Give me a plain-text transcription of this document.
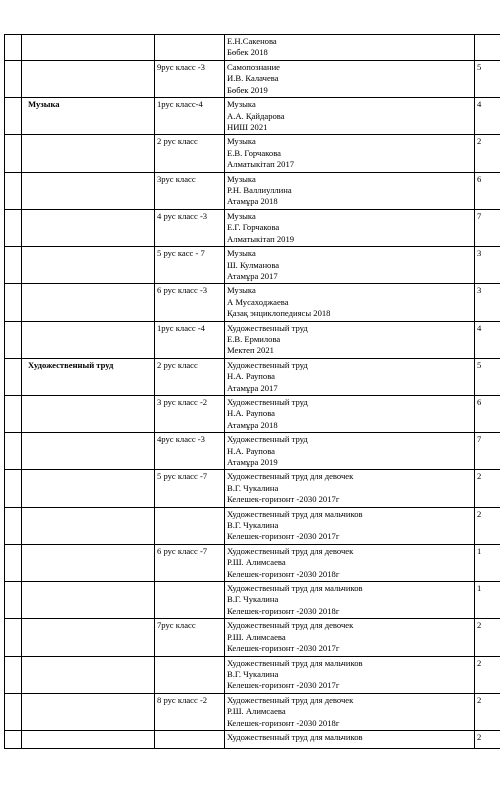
			Е.Н.Сакенова
Бөбек 2018		

		9рус класс -3	Самопознание
И.В. Калачева
Бөбек 2019	5	
	Музыка	1рус класс-4	Музыка
А.А. Қайдарова
НИШ 2021	4	
		2 рус класс	Музыка
Е.В. Горчакова
Алматыкітап 2017	2	
		3рус класс	Музыка
Р.Н. Валлиуллина
Атамұра 2018	6	
		4 рус класс -3	Музыка
Е.Г. Горчакова
Алматыкітап 2019	7	
		5 рус касс - 7	Музыка
Ш. Кулманова
Атамұра 2017	3	
		6 рус класс -3	Музыка
А Мусаходжаева
Қазақ энциклопедиясы 2018	3	
		1рус класс -4	Художественный труд
Е.В. Ермилова
Мектеп 2021	4	
	Художественный труд	2 рус класс	Художественный труд
Н.А. Раупова
Атамұра 2017	5	
		3 рус класс -2	Художественный труд
Н.А. Раупова
Атамұра 2018	6	
		4рус класс -3	Художественный труд
Н.А. Раупова
Атамұра 2019	7	
		5 рус класс -7	Художественный труд для девочек
В.Г. Чукалина
Келешек-горизонт -2030 2017г	2	

			Художественный труд для мальчиков
В.Г. Чукалина
Келешек-горизонт -2030 2017г	2	
		6 рус класс -7	Художественный труд для девочек
Р.Ш. Алимсаева
Келешек-горизонт -2030 2018г	1	

			Художественный труд для мальчиков
В.Г. Чукалина
Келешек-горизонт -2030 2018г	1	
		7рус класс	Художественный труд для девочек
Р.Ш. Алимсаева
Келешек-горизонт -2030 2017г	2	

			Художественный труд для мальчиков
В.Г. Чукалина
Келешек-горизонт -2030 2017г	2	
		8 рус класс -2	Художественный труд для девочек
Р.Ш. Алимсаева
Келешек-горизонт -2030 2018г	2	

			Художественный труд для мальчиков	2	
